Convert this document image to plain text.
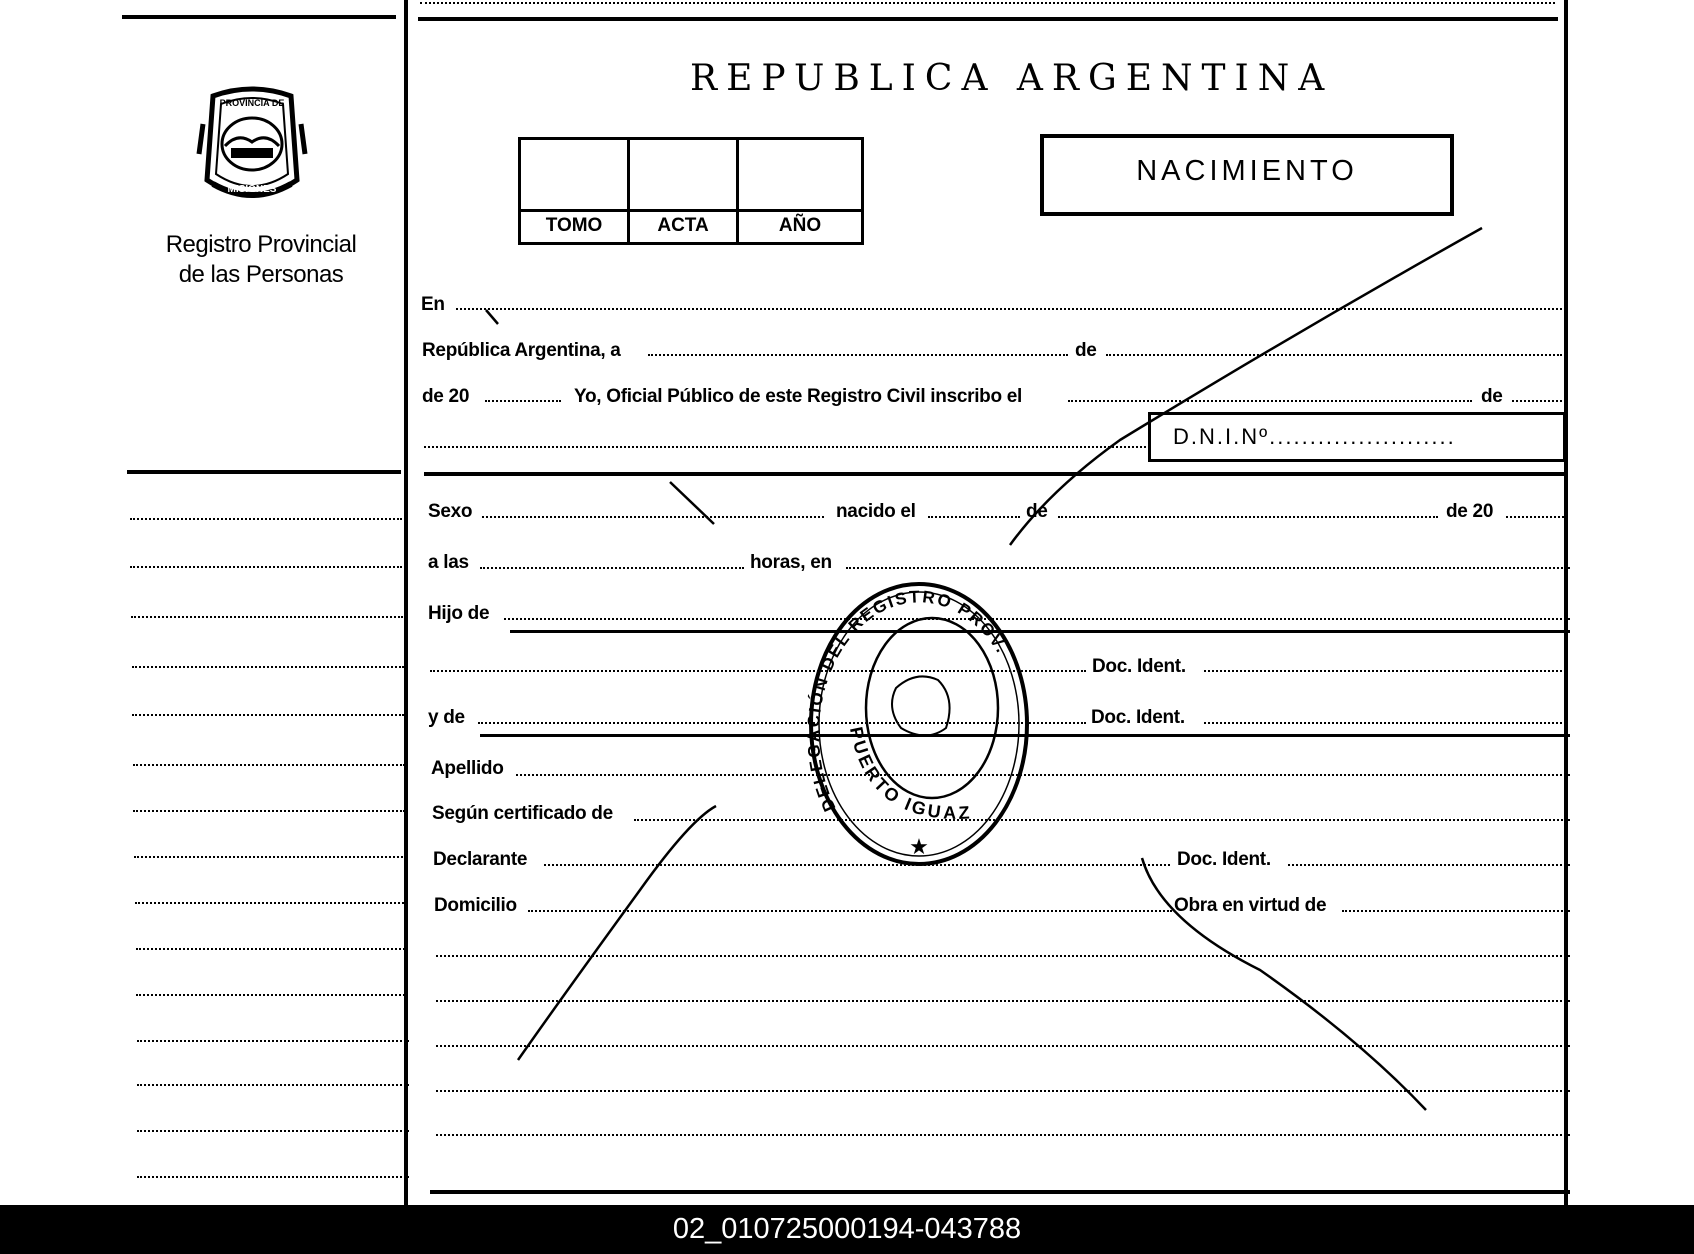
PROVINCIA DE
MISIONES
Registro Provincial
de las Personas
REPUBLICA ARGENTINA
TOMO	ACTA	AÑO
NACIMIENTO
En
República Argentina, a	de
de 20	Yo, Oficial Público de este Registro Civil inscribo el	de
D.N.I.Nº.......................
Sexo	nacido el	de	de 20
a las	horas, en
Hijo de
Doc. Ident.
y de	Doc. Ident.
Apellido
Según certificado de
Declarante	Doc. Ident.
Domicilio	Obra en virtud de
DELEG CIÓN DEL REGISTRO PROV.
PUERTO IGUAZ
★
02_010725000194-043788
